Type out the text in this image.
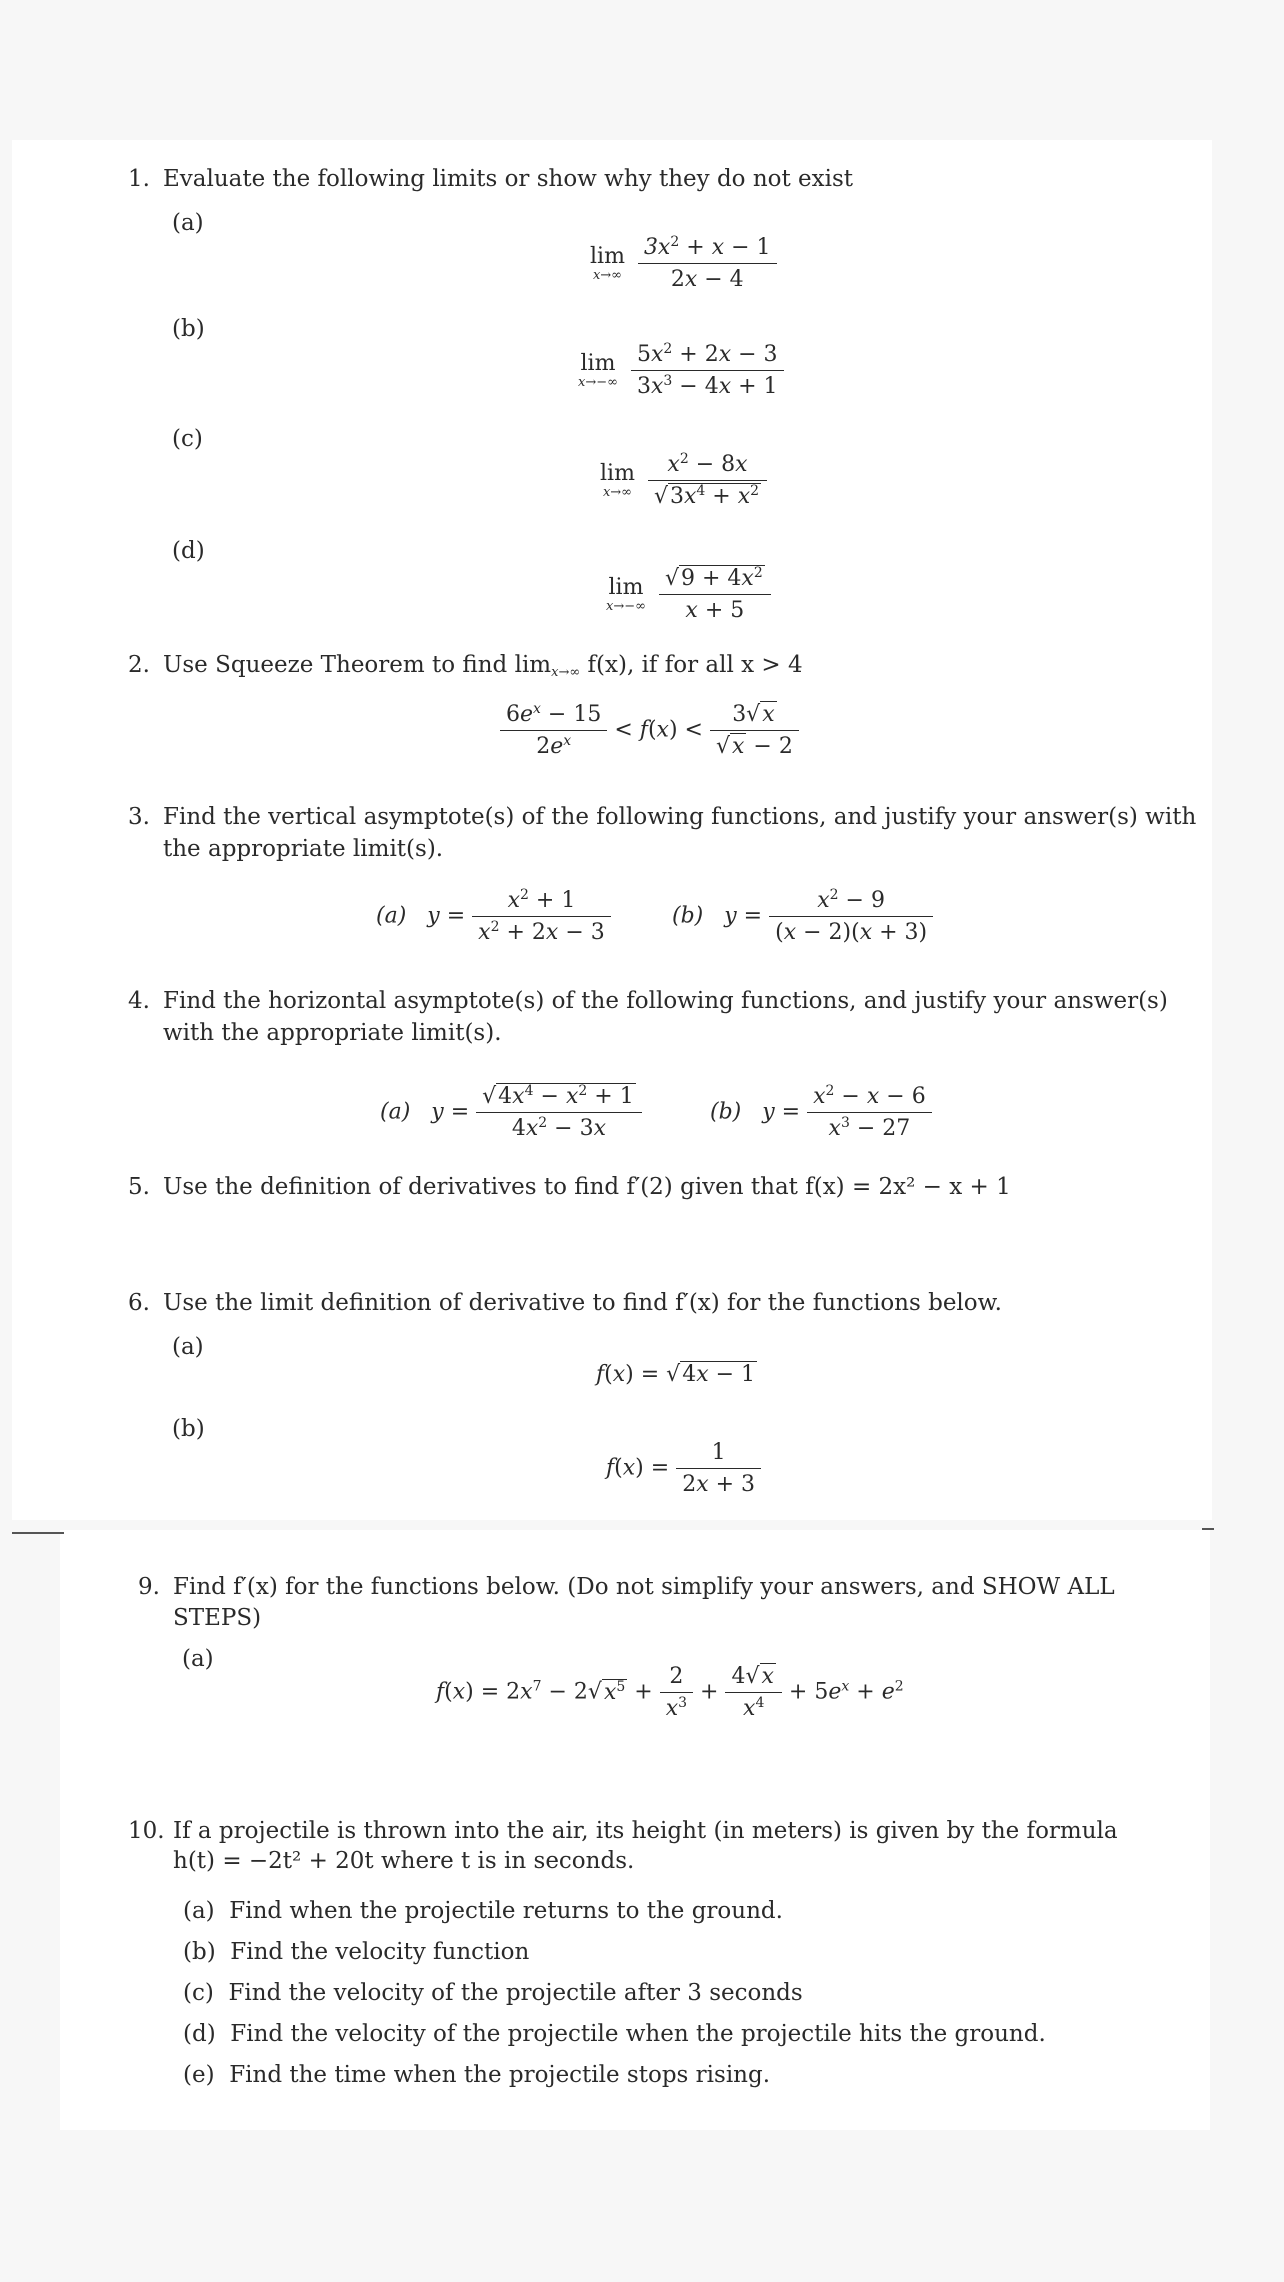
1. Evaluate the following limits or show why they do not exist
(a)
lim
x→∞
$\frac{3x^2 + x - 1}{2x - 4}$
(b)
lim
x→−∞
$\frac{5x^2 + 2x - 3}{3x^3 - 4x + 1}$
(c)
lim
x→∞
$\frac{x^2 - 8x}{√3x^4 + x^2}$
(d)
lim
x→−∞
$\frac{√9 + 4x^2}{x + 5}$
2. Use Squeeze Theorem to find $\lim_{x\to\infty} f(x)$, if for all x > 4
$\frac{6e^x - 15}{2e^x} < f(x) < \frac{3√x}{√x - 2}$
3. Find the vertical asymptote(s) of the following functions, and justify your answer(s) with
the appropriate limit(s).
(a) $y = \frac{x^2 + 1}{x^2 + 2x - 3}$	(b) $y = \frac{x^2 - 9}{(x - 2)(x + 3)}$
4. Find the horizontal asymptote(s) of the following functions, and justify your answer(s)
with the appropriate limit(s).
(a) $y = \frac{√4x^4 - x^2 + 1}{4x^2 - 3x}$	(b) $y = \frac{x^2 - x - 6}{x^3 - 27}$
5. Use the definition of derivatives to find f′(2) given that f(x) = 2x² − x + 1
6. Use the limit definition of derivative to find f′(x) for the functions below.
(a)
f(x) = √4x − 1
(b)
$f(x) = \frac{1}{2x + 3}$
9. Find f′(x) for the functions below. (Do not simplify your answers, and SHOW ALL
STEPS)
(a)
$f(x) = 2x^7 - 2√x^5 + \frac{2}{x^3} + \frac{4√x}{x^4} + 5e^x + e^2$
10. If a projectile is thrown into the air, its height (in meters) is given by the formula
h(t) = −2t² + 20t where t is in seconds.
(a) Find when the projectile returns to the ground.
(b) Find the velocity function
(c) Find the velocity of the projectile after 3 seconds
(d) Find the velocity of the projectile when the projectile hits the ground.
(e) Find the time when the projectile stops rising.
